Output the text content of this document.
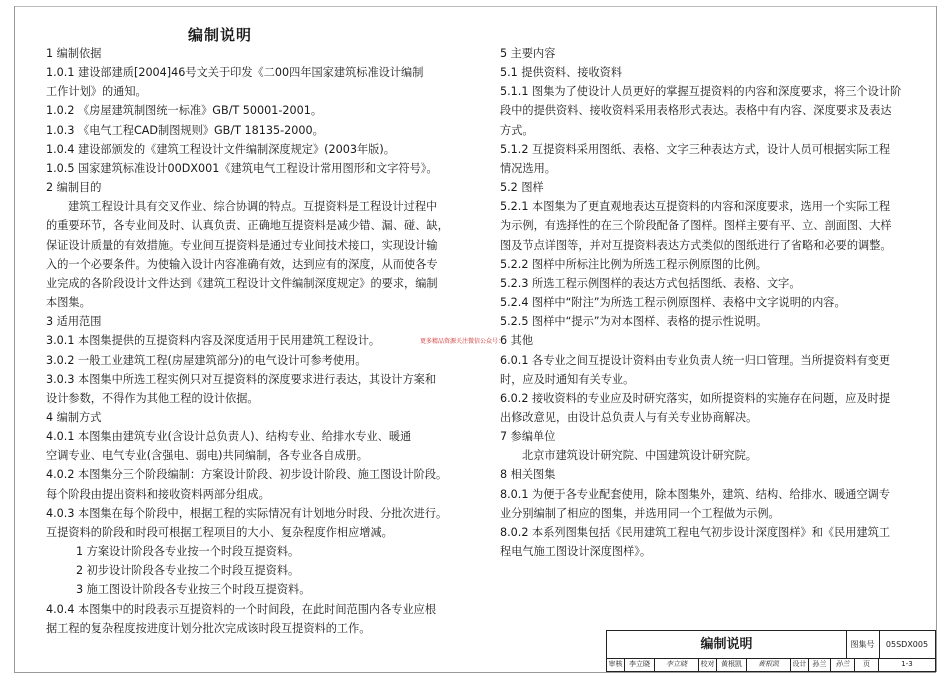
编制说明

1 编制依据

1.0.1 建设部建质[2004]46号文关于印发《二00四年国家建筑标准设计编制

工作计划》的通知。

1.0.2 《房屋建筑制图统一标准》GB/T 50001-2001。

1.0.3 《电气工程CAD制图规则》GB/T 18135-2000。

1.0.4 建设部颁发的《建筑工程设计文件编制深度规定》(2003年版)。

1.0.5 国家建筑标准设计00DX001《建筑电气工程设计常用图形和文字符号》。

2 编制目的

建筑工程设计具有交叉作业、综合协调的特点。互提资料是工程设计过程中

的重要环节，各专业间及时、认真负责、正确地互提资料是减少错、漏、碰、缺，

保证设计质量的有效措施。专业间互提资料是通过专业间技术接口，实现设计输

入的一个必要条件。为使输入设计内容准确有效，达到应有的深度，从而使各专

业完成的各阶段设计文件达到《建筑工程设计文件编制深度规定》的要求，编制

本图集。

3 适用范围

3.0.1 本图集提供的互提资料内容及深度适用于民用建筑工程设计。

3.0.2 一般工业建筑工程(房屋建筑部分)的电气设计可参考使用。

3.0.3 本图集中所选工程实例只对互提资料的深度要求进行表达，其设计方案和

设计参数，不得作为其他工程的设计依据。

4 编制方式

4.0.1 本图集由建筑专业(含设计总负责人)、结构专业、给排水专业、暖通

空调专业、电气专业(含强电、弱电)共同编制，各专业各自成册。

4.0.2 本图集分三个阶段编制：方案设计阶段、初步设计阶段、施工图设计阶段。

每个阶段由提出资料和接收资料两部分组成。

4.0.3 本图集在每个阶段中，根据工程的实际情况有计划地分时段、分批次进行。

互提资料的阶段和时段可根据工程项目的大小、复杂程度作相应增减。

1 方案设计阶段各专业按一个时段互提资料。

2 初步设计阶段各专业按二个时段互提资料。

3 施工图设计阶段各专业按三个时段互提资料。

4.0.4 本图集中的时段表示互提资料的一个时间段，在此时间范围内各专业应根

据工程的复杂程度按进度计划分批次完成该时段互提资料的工作。

5 主要内容

5.1 提供资料、接收资料

5.1.1 图集为了使设计人员更好的掌握互提资料的内容和深度要求，将三个设计阶

段中的提供资料、接收资料采用表格形式表达。表格中有内容、深度要求及表达

方式。

5.1.2 互提资料采用图纸、表格、文字三种表达方式，设计人员可根据实际工程

情况选用。

5.2 图样

5.2.1 本图集为了更直观地表达互提资料的内容和深度要求，选用一个实际工程

为示例，有选择性的在三个阶段配备了图样。图样主要有平、立、剖面图、大样

图及节点详图等，并对互提资料表达方式类似的图纸进行了省略和必要的调整。

5.2.2 图样中所标注比例为所选工程示例原图的比例。

5.2.3 所选工程示例图样的表达方式包括图纸、表格、文字。

5.2.4 图样中“附注”为所选工程示例原图样、表格中文字说明的内容。

5.2.5 图样中“提示”为对本图样、表格的提示性说明。

6 其他

6.0.1 各专业之间互提设计资料由专业负责人统一归口管理。当所提资料有变更

时，应及时通知有关专业。

6.0.2 接收资料的专业应及时研究落实，如所提资料的实施存在问题，应及时提

出修改意见，由设计总负责人与有关专业协商解决。

7 参编单位

北京市建筑设计研究院、中国建筑设计研究院。

8 相关图集

8.0.1 为便于各专业配套使用，除本图集外，建筑、结构、给排水、暖通空调专

业分别编制了相应的图集，并选用同一个工程做为示例。

8.0.2 本系列图集包括《民用建筑工程电气初步设计深度图样》和《民用建筑工

程电气施工图设计深度图样》。

更多精品资源关注微信公众号：
编制说明	图集号	05SDX005
审核 李立晓	李立晓	校对 黄根凯	黄根凯	设计 孙兰	孙兰	页	1-3
